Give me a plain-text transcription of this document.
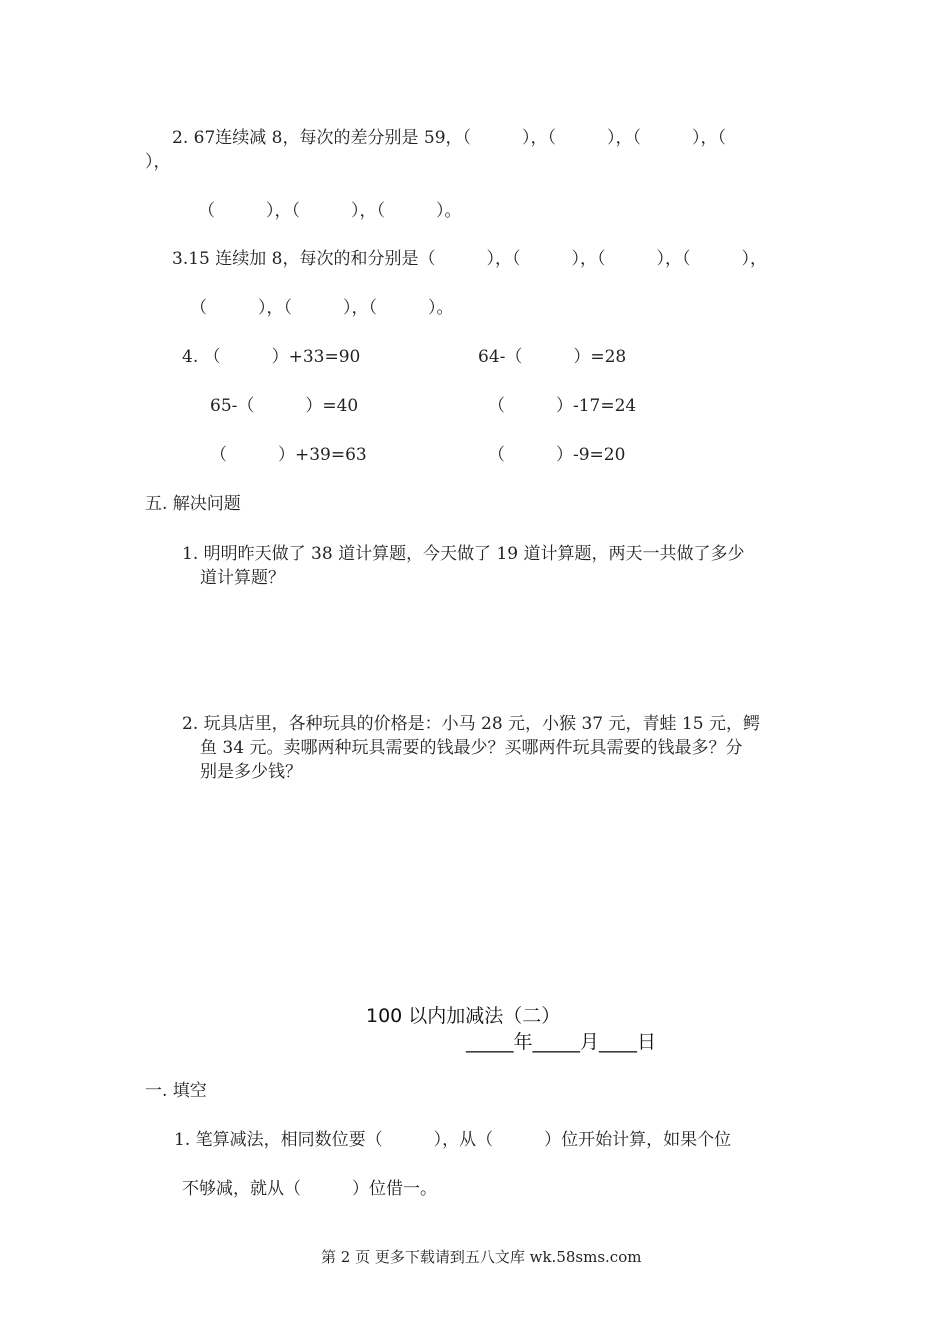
2. 67连续减 8，每次的差分别是 59，（　　　），（　　　），（　　　），（
），
（　　　），（　　　），（　　　）。
3.15 连续加 8，每次的和分别是（　　　），（　　　），（　　　），（　　　），
（　　　），（　　　），（　　　）。
4. （　　　）+33=90	64-（　　　）=28
65-（　　　）=40	（　　　）-17=24
（　　　）+39=63	（　　　）-9=20
五. 解决问题
1. 明明昨天做了 38 道计算题，今天做了 19 道计算题，两天一共做了多少
道计算题？
2. 玩具店里，各种玩具的价格是：小马 28 元，小猴 37 元，青蛙 15 元，鳄
鱼 34 元。卖哪两种玩具需要的钱最少？买哪两件玩具需要的钱最多？分
别是多少钱？
100 以内加减法（二）
_____年_____月____日
一. 填空
1. 笔算减法，相同数位要（　　　），从（　　　）位开始计算，如果个位
不够减，就从（　　　）位借一。
第 2 页 更多下载请到五八文库 wk.58sms.com
